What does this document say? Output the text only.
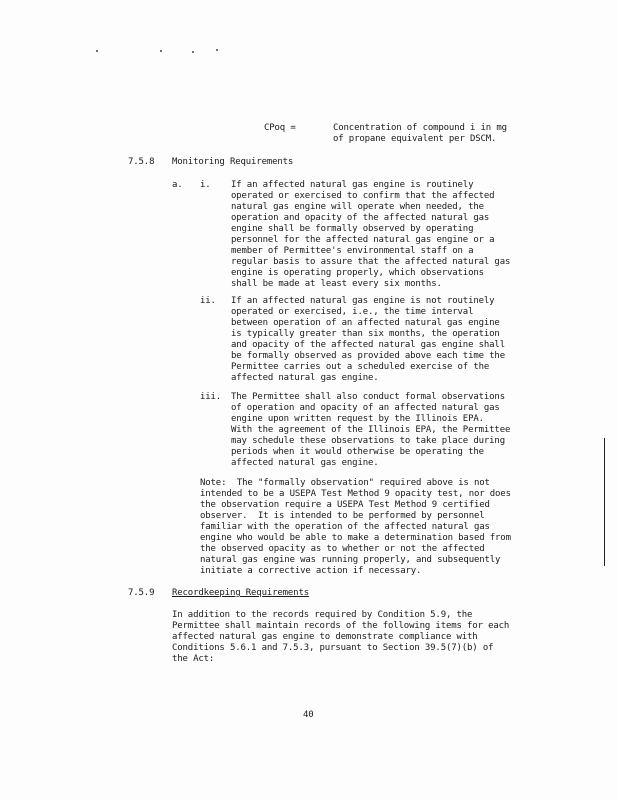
CPoq =	Concentration of compound i in mg
of propane equivalent per DSCM.
7.5.8 Monitoring Requirements
a. i. If an affected natural gas engine is routinely
operated or exercised to confirm that the affected
natural gas engine will operate when needed, the
operation and opacity of the affected natural gas
engine shall be formally observed by operating
personnel for the affected natural gas engine or a
member of Permittee's environmental staff on a
regular basis to assure that the affected natural gas
engine is operating properly, which observations
shall be made at least every six months.
ii. If an affected natural gas engine is not routinely
operated or exercised, i.e., the time interval
between operation of an affected natural gas engine
is typically greater than six months, the operation
and opacity of the affected natural gas engine shall
be formally observed as provided above each time the
Permittee carries out a scheduled exercise of the
affected natural gas engine.
iii. The Permittee shall also conduct formal observations
of operation and opacity of an affected natural gas
engine upon written request by the Illinois EPA.
With the agreement of the Illinois EPA, the Permittee
may schedule these observations to take place during
periods when it would otherwise be operating the
affected natural gas engine.
Note:  The "formally observation" required above is not
intended to be a USEPA Test Method 9 opacity test, nor does
the observation require a USEPA Test Method 9 certified
observer.  It is intended to be performed by personnel
familiar with the operation of the affected natural gas
engine who would be able to make a determination based from
the observed opacity as to whether or not the affected
natural gas engine was running properly, and subsequently
initiate a corrective action if necessary.
7.5.9 Recordkeeping Requirements
In addition to the records required by Condition 5.9, the
Permittee shall maintain records of the following items for each
affected natural gas engine to demonstrate compliance with
Conditions 5.6.1 and 7.5.3, pursuant to Section 39.5(7)(b) of
the Act:
40
